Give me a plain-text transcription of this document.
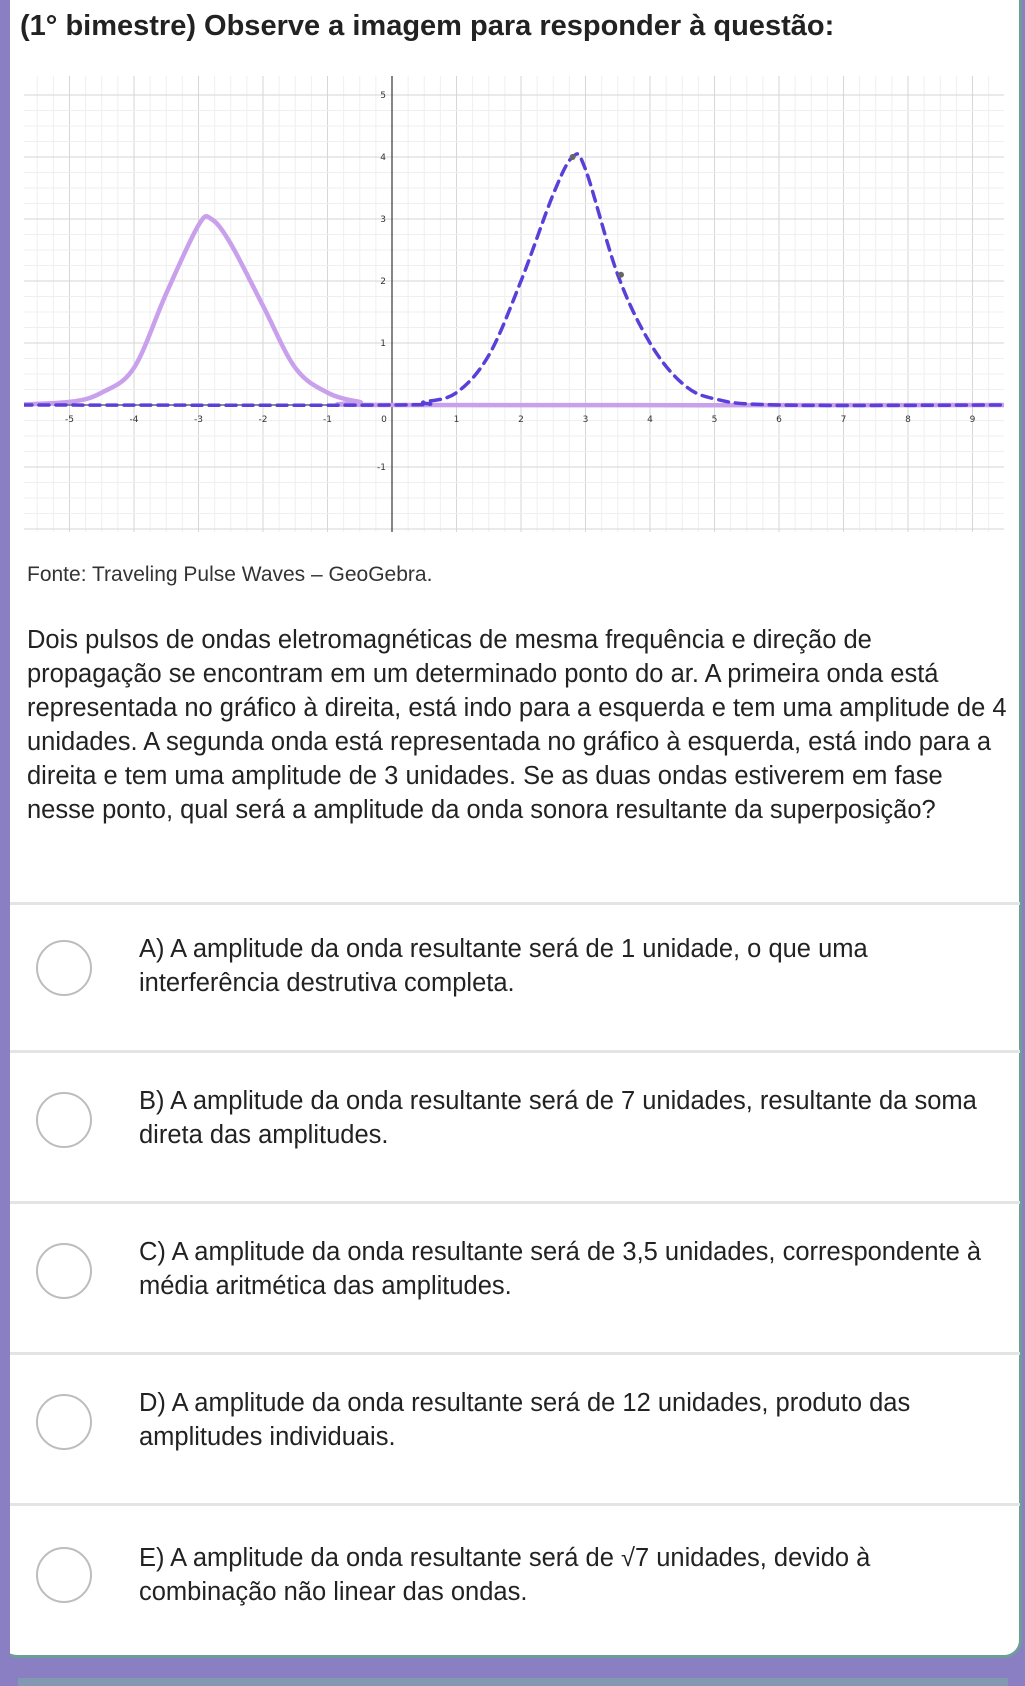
(1° bimestre) Observe a imagem para responder à questão:
-5	-4	-3	-2	-1	0	1	2	3	4	5	6	7	8	9
-1
1
2
3
4
5
Fonte: Traveling Pulse Waves – GeoGebra.
Dois pulsos de ondas eletromagnéticas de mesma frequência e direção de propagação se encontram em um determinado ponto do ar. A primeira onda está representada no gráfico à direita, está indo para a esquerda e tem uma amplitude de 4 unidades. A segunda onda está representada no gráfico à esquerda, está indo para a direita e tem uma amplitude de 3 unidades. Se as duas ondas estiverem em fase nesse ponto, qual será a amplitude da onda sonora resultante da superposição?
A) A amplitude da onda resultante será de 1 unidade, o que uma interferência destrutiva completa.
B) A amplitude da onda resultante será de 7 unidades, resultante da soma direta das amplitudes.
C) A amplitude da onda resultante será de 3,5 unidades, correspondente à média aritmética das amplitudes.
D) A amplitude da onda resultante será de 12 unidades, produto das amplitudes individuais.
E) A amplitude da onda resultante será de √7 unidades, devido à combinação não linear das ondas.
